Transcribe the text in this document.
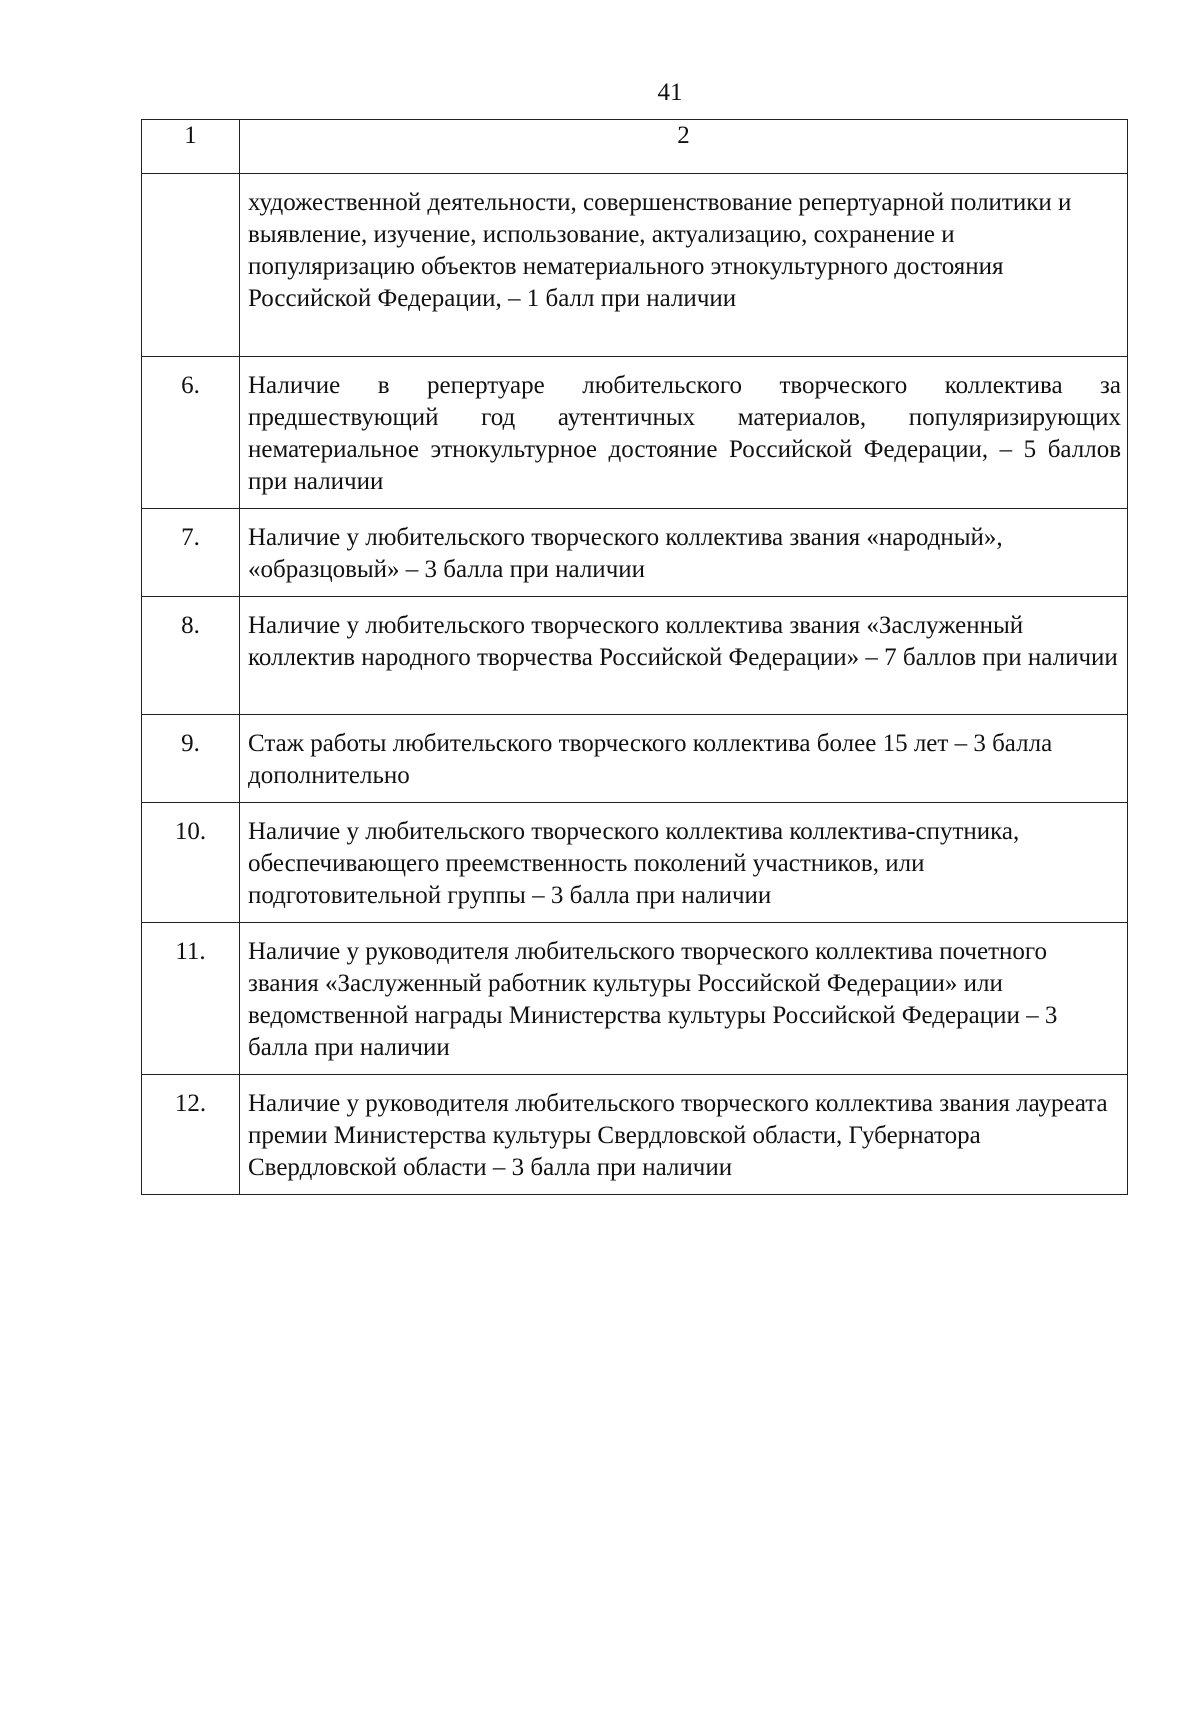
41
1	2
	художественной деятельности, совершенствование репертуарной политики и выявление, изучение, использование, актуализацию, сохранение и популяризацию объектов нематериального этнокультурного достояния Российской Федерации, – 1 балл при наличии
6.	Наличие в репертуаре любительского творческого коллектива за предшествующий год аутентичных материалов, популяризирующих нематериальное этнокультурное достояние Российской Федерации, – 5 баллов при наличии
7.	Наличие у любительского творческого коллектива звания «народный», «образцовый» – 3 балла при наличии
8.	Наличие у любительского творческого коллектива звания «Заслуженный коллектив народного творчества Российской Федерации» – 7 баллов при наличии
9.	Стаж работы любительского творческого коллектива более 15 лет – 3 балла дополнительно
10.	Наличие у любительского творческого коллектива коллектива-спутника, обеспечивающего преемственность поколений участников, или подготовительной группы – 3 балла при наличии
11.	Наличие у руководителя любительского творческого коллектива почетного звания «Заслуженный работник культуры Российской Федерации» или ведомственной награды Министерства культуры Российской Федерации – 3 балла при наличии
12.	Наличие у руководителя любительского творческого коллектива звания лауреата премии Министерства культуры Свердловской области, Губернатора Свердловской области – 3 балла при наличии
